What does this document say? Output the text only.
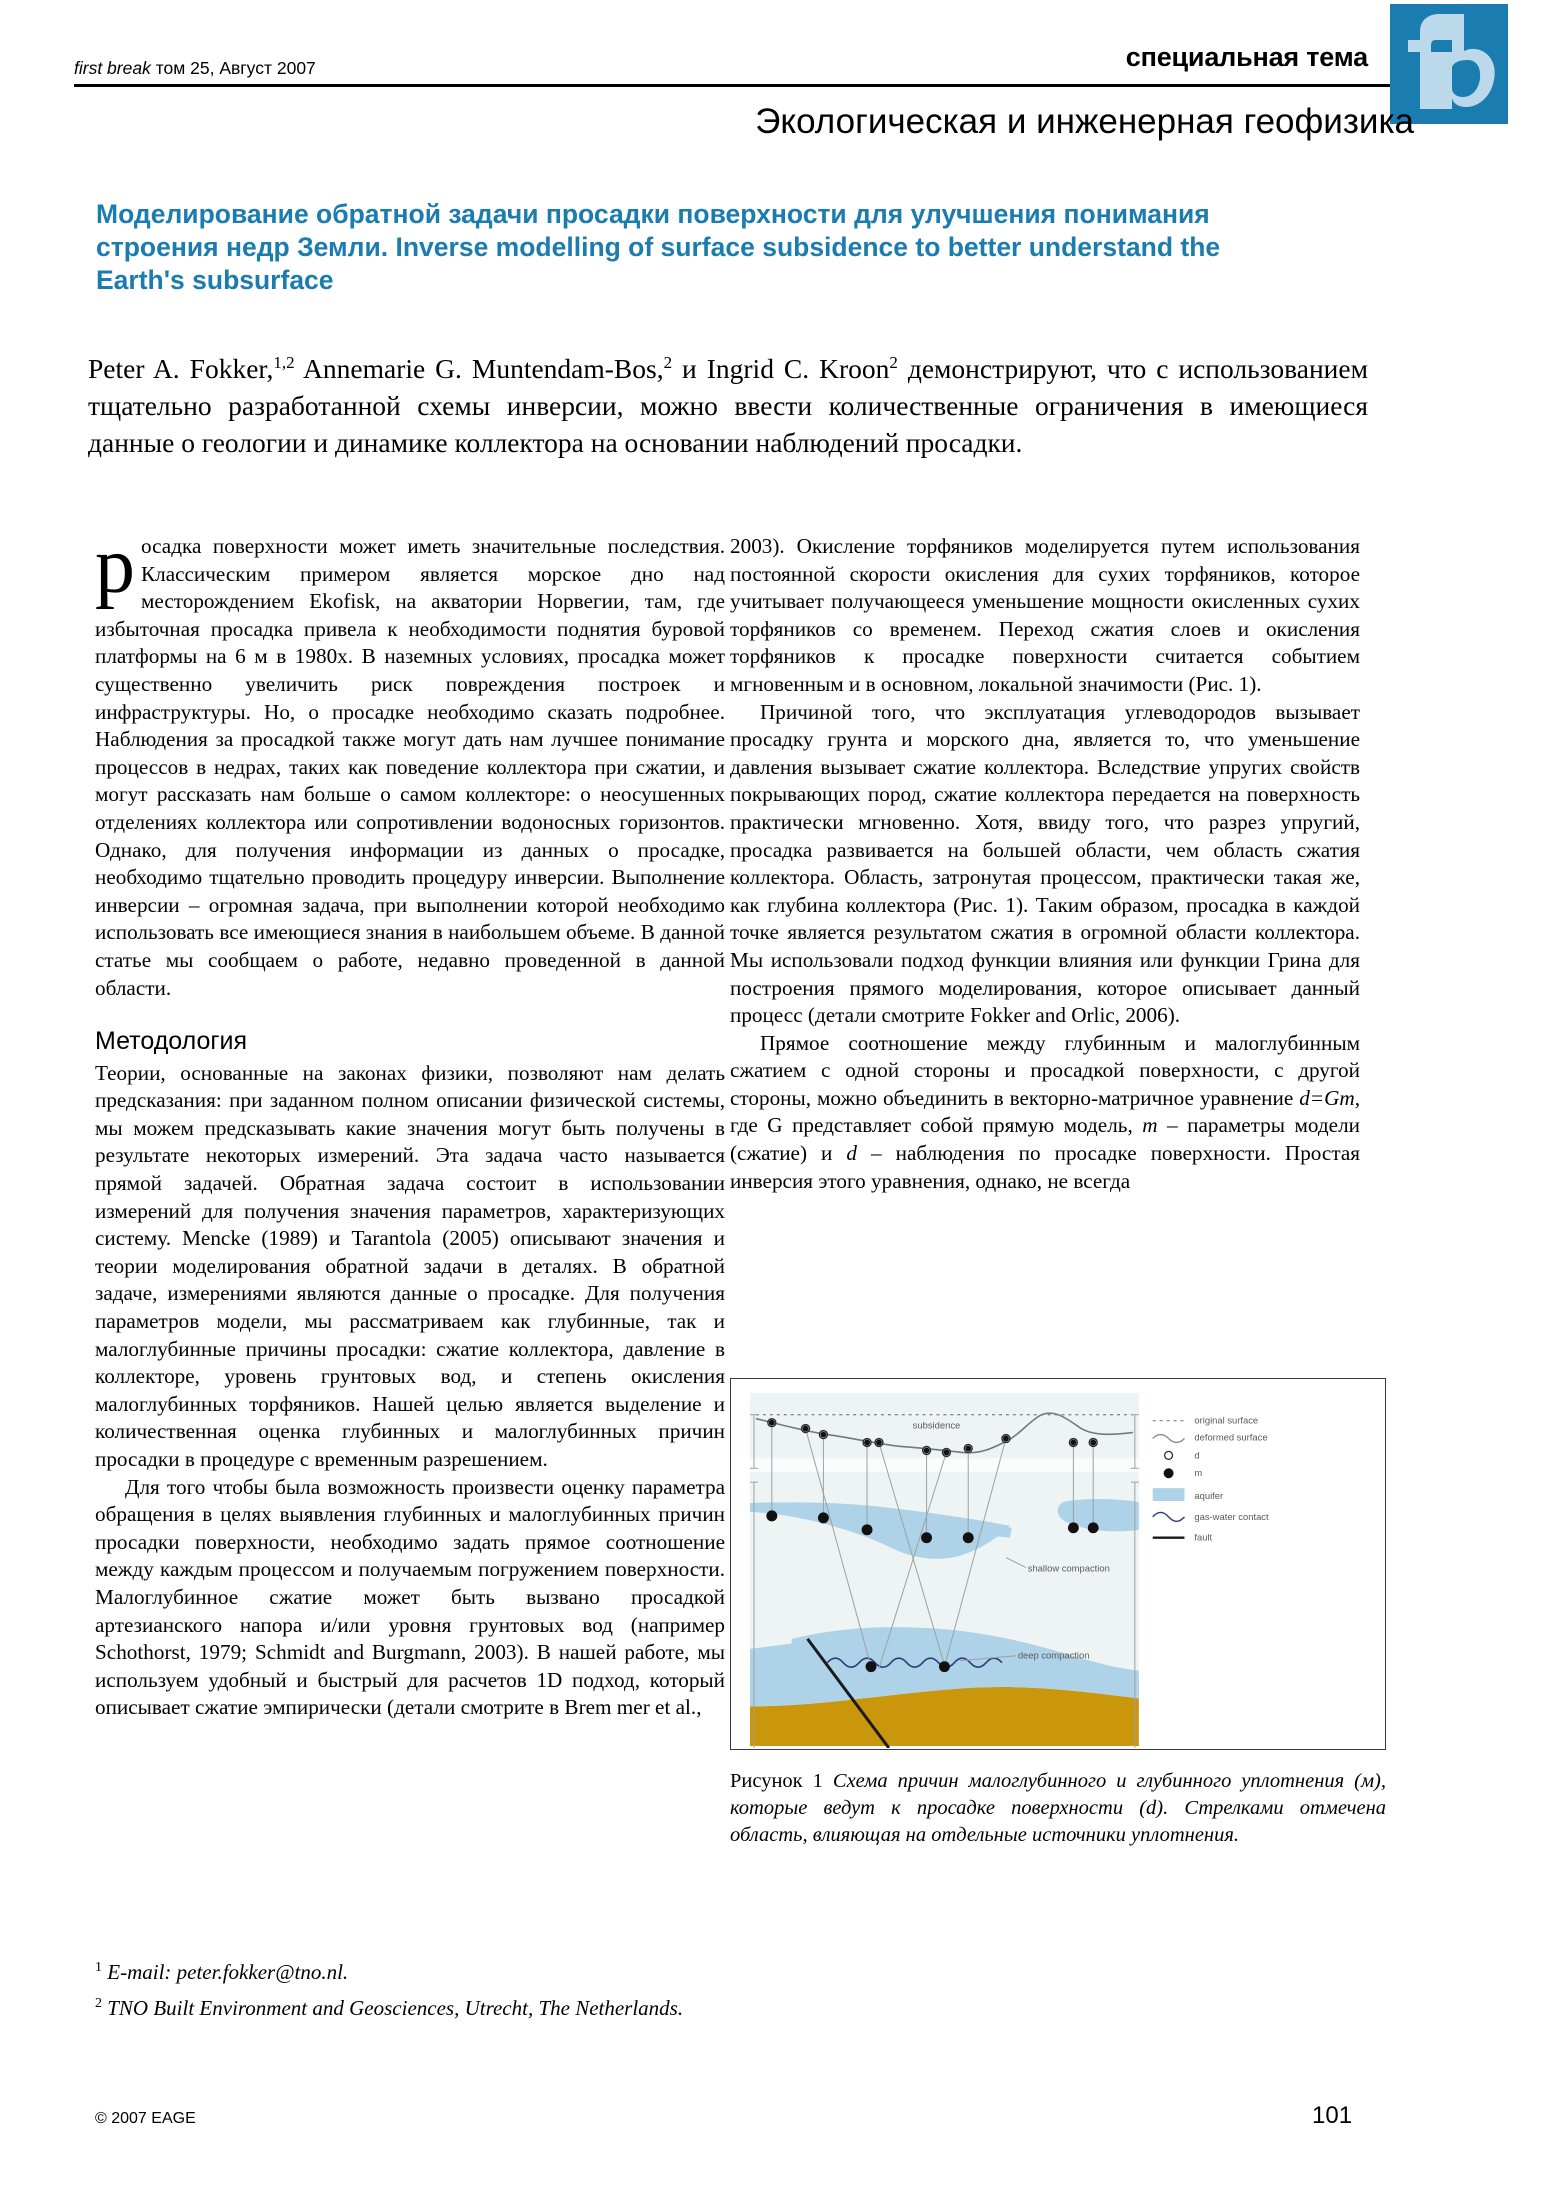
специальная тема
first break том 25, Август 2007
Экологическая и инженерная геофизика
Моделирование обратной задачи просадки поверхности для улучшения понимания строения недр Земли. Inverse modelling of surface subsidence to better understand the Earth's subsurface
Peter A. Fokker,$^{1,2}$ Annemarie G. Muntendam-Bos,$^2$ и Ingrid C. Kroon$^2$ демонстрируют, что с использованием тщательно разработанной схемы инверсии, можно ввести количественные ограничения в имеющиеся данные о геологии и динамике коллектора на основании наблюдений просадки.

росадка поверхности может иметь значительные последствия. Классическим примером является морское дно над месторождением Ekofisk, на акватории Норвегии, там, где избыточная просадка привела к необходимости поднятия буровой платформы на 6 м в 1980х. В наземных условиях, просадка может существенно увеличить риск повреждения построек и инфраструктуры. Но, о просадке необходимо сказать подробнее. Наблюдения за просадкой также могут дать нам лучшее понимание процессов в недрах, таких как поведение коллектора при сжатии, и могут рассказать нам больше о самом коллекторе: о неосушенных отделениях коллектора или сопротивлении водоносных горизонтов. Однако, для получения информации из данных о просадке, необходимо тщательно проводить процедуру инверсии. Выполнение инверсии – огромная задача, при выполнении которой необходимо использовать все имеющиеся знания в наибольшем объеме. В данной статье мы сообщаем о работе, недавно проведенной в данной области.

Методология

Теории, основанные на законах физики, позволяют нам делать предсказания: при заданном полном описании физической системы, мы можем предсказывать какие значения могут быть получены в результате некоторых измерений. Эта задача часто называется прямой задачей. Обратная задача состоит в использовании измерений для получения значения параметров, характеризующих систему. Mencke (1989) и Tarantola (2005) описывают значения и теории моделирования обратной задачи в деталях. В обратной задаче, измерениями являются данные о просадке. Для получения параметров модели, мы рассматриваем как глубинные, так и малоглубинные причины просадки: сжатие коллектора, давление в коллекторе, уровень грунтовых вод, и степень окисления малоглубинных торфяников. Нашей целью является выделение и количественная оценка глубинных и малоглубинных причин просадки в процедуре с временным разрешением.

Для того чтобы была возможность произвести оценку параметра обращения в целях выявления глубинных и малоглубинных причин просадки поверхности, необходимо задать прямое соотношение между каждым процессом и получаемым погружением поверхности. Малоглубинное сжатие может быть вызвано просадкой артезианского напора и/или уровня грунтовых вод (например Schothorst, 1979; Schmidt and Burgmann, 2003). В нашей работе, мы используем удобный и быстрый для расчетов 1D подход, который описывает сжатие эмпирически (детали смотрите в Brem mer et al.,

2003). Окисление торфяников моделируется путем использования постоянной скорости окисления для сухих торфяников, которое учитывает получающееся уменьшение мощности окисленных сухих торфяников со временем. Переход сжатия слоев и окисления торфяников к просадке поверхности считается событием мгновенным и в основном, локальной значимости (Рис. 1).

Причиной того, что эксплуатация углеводородов вызывает просадку грунта и морского дна, является то, что уменьшение давления вызывает сжатие коллектора. Вследствие упругих свойств покрывающих пород, сжатие коллектора передается на поверхность практически мгновенно. Хотя, ввиду того, что разрез упругий, просадка развивается на большей области, чем область сжатия коллектора. Область, затронутая процессом, практически такая же, как глубина коллектора (Рис. 1). Таким образом, просадка в каждой точке является результатом сжатия в огромной области коллектора. Мы использовали подход функции влияния или функции Грина для построения прямого моделирования, которое описывает данный процесс (детали смотрите Fokker and Orlic, 2006).

Прямое соотношение между глубинным и малоглубинным сжатием с одной стороны и просадкой поверхности, с другой стороны, можно объединить в векторно-матричное уравнение d=Gm, где G представляет собой прямую модель, m – параметры модели (сжатие) и d – наблюдения по просадке поверхности. Простая инверсия этого уравнения, однако, не всегда

subsidence
shallow compaction
deep compaction
original surface
deformed surface
d
m
aquifer
gas-water contact
fault
Рисунок 1 Схема причин малоглубинного и глубинного уплотнения (м), которые ведут к просадке поверхности (d). Стрелками отмечена область, влияющая на отдельные источники уплотнения.
$^1$ E-mail: peter.fokker@tno.nl.
$^2$ TNO Built Environment and Geosciences, Utrecht, The Netherlands.
© 2007 EAGE	101
